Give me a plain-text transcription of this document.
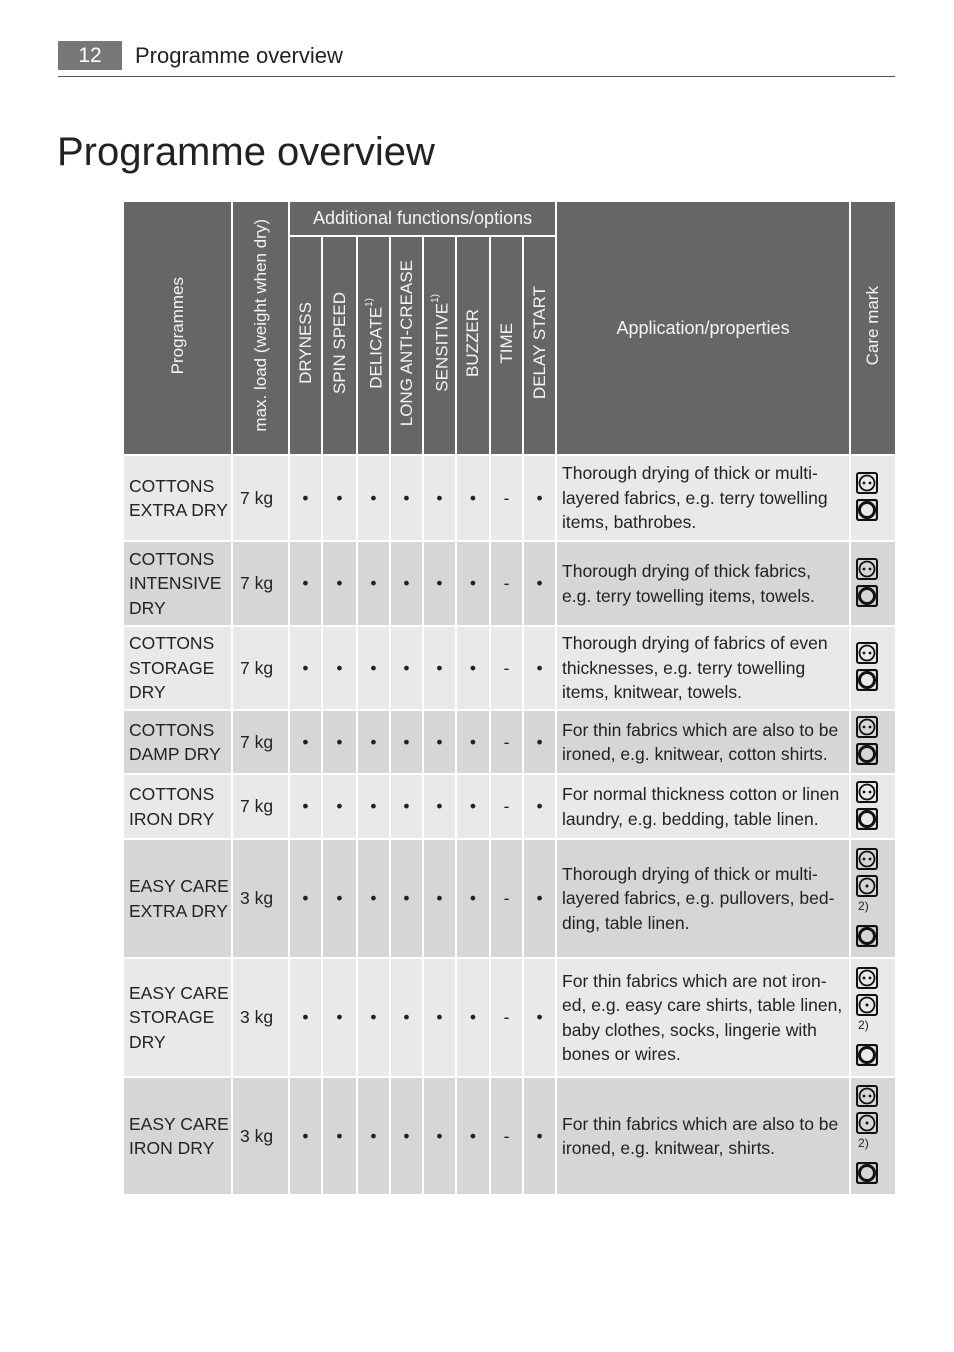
12	Programme overview
Programme overview
Programmes	max. load (weight when dry)	Additional functions/options								Application/properties	Care mark
		DRYNESS	SPIN SPEED	DELICATE$^{1)}$	LONG ANTI-CREASE	SENSITIVE$^{1)}$	BUZZER	TIME	DELAY START		

COTTONS
EXTRA DRY	7 kg	•	•	•	•	•	•	-	•	Thorough drying of thick or multi-layered fabrics, e.g. terry towelling items, bathrobes.	

COTTONS
INTENSIVE
DRY	7 kg	•	•	•	•	•	•	-	•	Thorough drying of thick fabrics, e.g. terry towelling items, towels.	

COTTONS
STORAGE
DRY	7 kg	•	•	•	•	•	•	-	•	Thorough drying of fabrics of even thicknesses, e.g. terry towelling items, knitwear, towels.	

COTTONS
DAMP DRY	7 kg	•	•	•	•	•	•	-	•	For thin fabrics which are also to be ironed, e.g. knitwear, cotton shirts.	

COTTONS
IRON DRY	7 kg	•	•	•	•	•	•	-	•	For normal thickness cotton or linen laundry, e.g. bedding, table linen.	

EASY CARE
EXTRA DRY	3 kg	•	•	•	•	•	•	-	•	Thorough drying of thick or multi-layered fabrics, e.g. pullovers, bed-ding, table linen.	2)

EASY CARE
STORAGE
DRY	3 kg	•	•	•	•	•	•	-	•	For thin fabrics which are not iron-ed, e.g. easy care shirts, table linen, baby clothes, socks, lingerie with bones or wires.	2)

EASY CARE
IRON DRY	3 kg	•	•	•	•	•	•	-	•	For thin fabrics which are also to be ironed, e.g. knitwear, shirts.	2)
